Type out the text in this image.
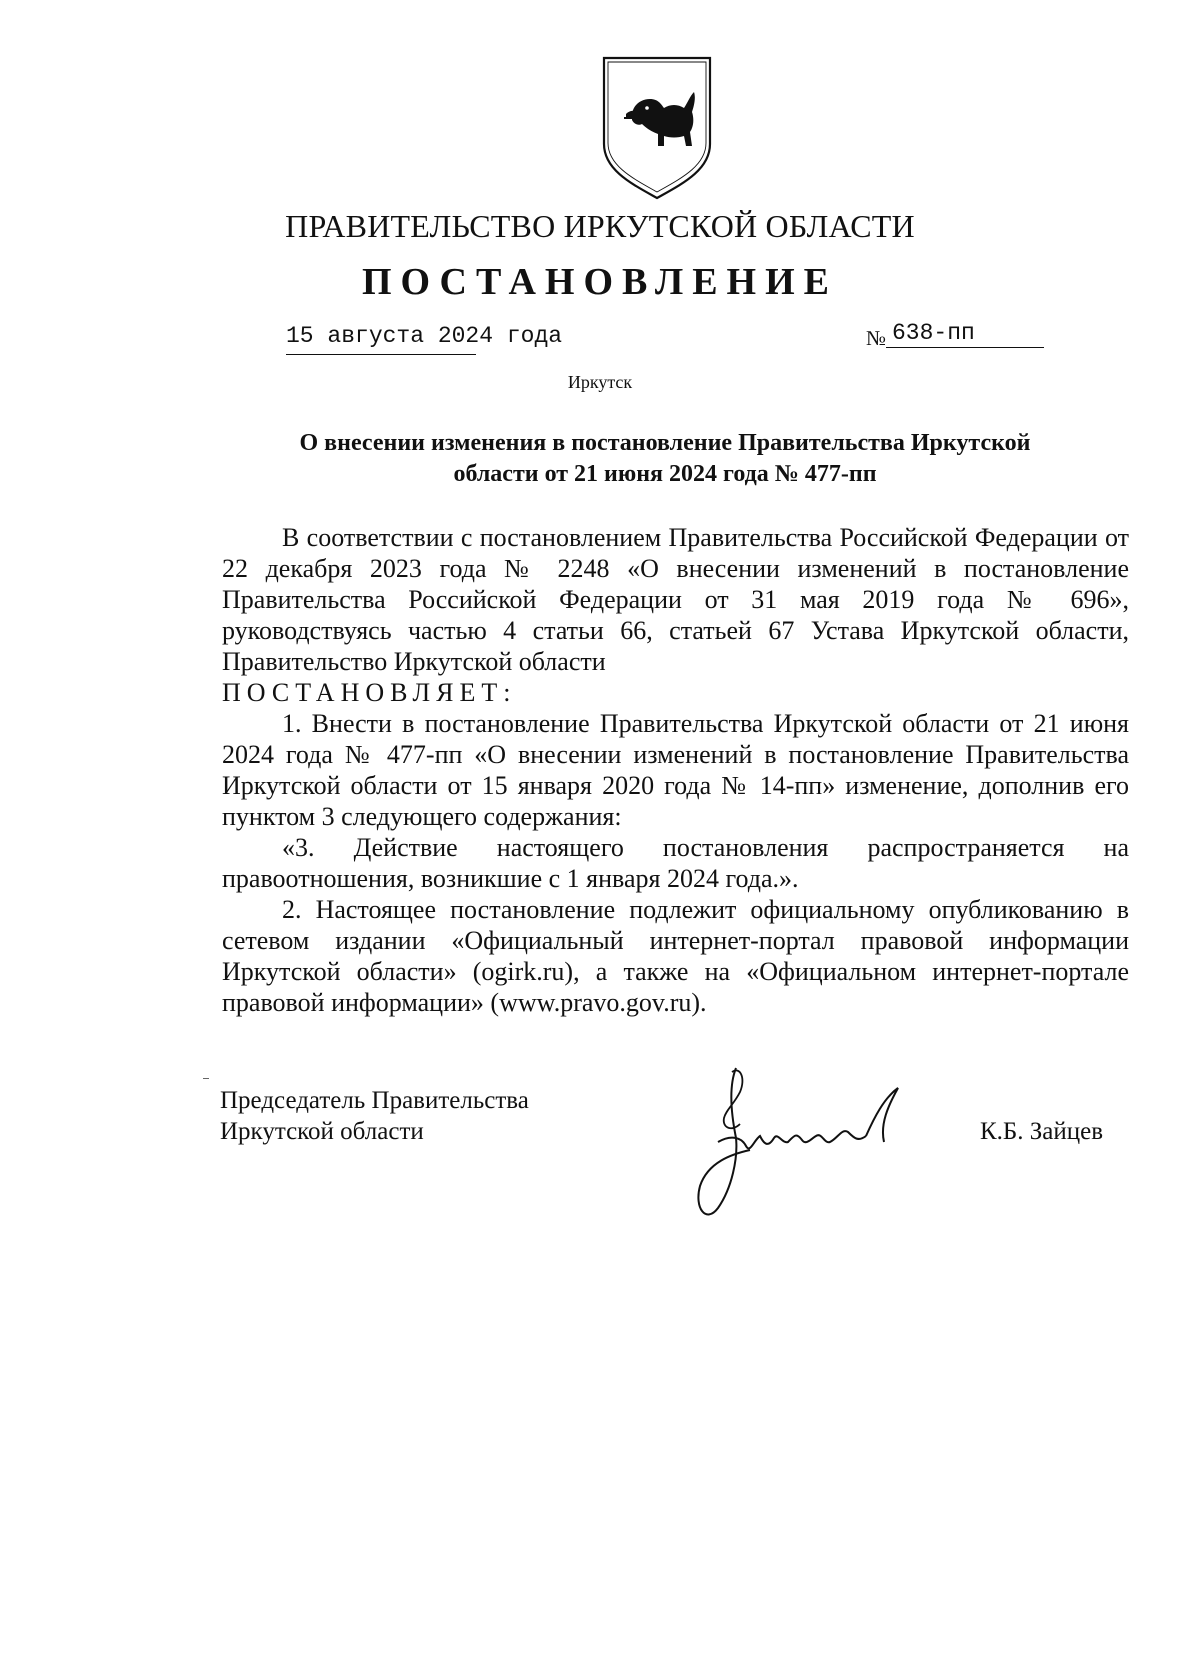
ПРАВИТЕЛЬСТВО ИРКУТСКОЙ ОБЛАСТИ
ПОСТАНОВЛЕНИЕ
15 августа 2024 года	№ 638-пп
Иркутск
О внесении изменения в постановление Правительства Иркутской
области от 21 июня 2024 года № 477-пп

В соответствии с постановлением Правительства Российской Федерации от 22 декабря 2023 года № 2248 «О внесении изменений в постановление Правительства Российской Федерации от 31 мая 2019 года № 696», руководствуясь частью 4 статьи 66, статьей 67 Устава Иркутской области, Правительство Иркутской области

ПОСТАНОВЛЯЕТ:

1. Внести в постановление Правительства Иркутской области от 21 июня 2024 года № 477-пп «О внесении изменений в постановление Правительства Иркутской области от 15 января 2020 года № 14-пп» изменение, дополнив его пунктом 3 следующего содержания:

«3. Действие настоящего постановления распространяется на правоотношения, возникшие с 1 января 2024 года.».

2. Настоящее постановление подлежит официальному опубликованию в сетевом издании «Официальный интернет-портал правовой информации Иркутской области» (ogirk.ru), а также на «Официальном интернет-портале правовой информации» (www.pravo.gov.ru).

Председатель Правительства
Иркутской области	К.Б. Зайцев
